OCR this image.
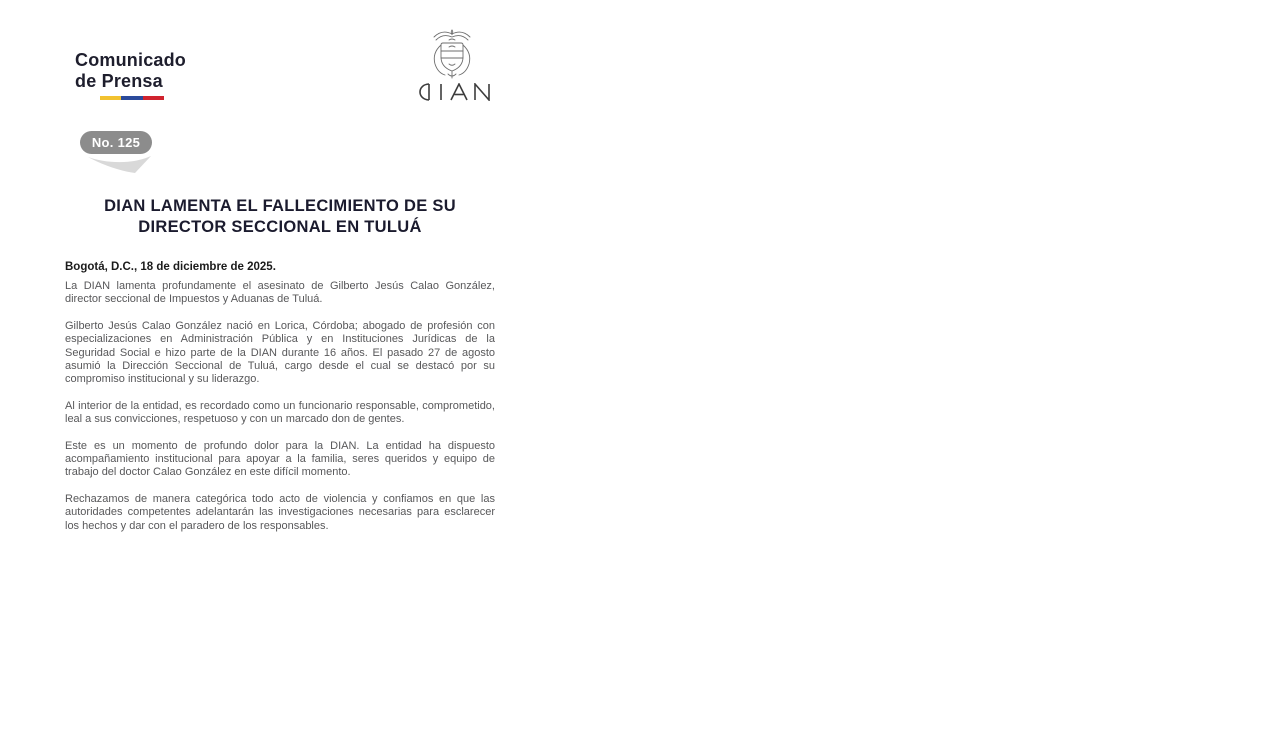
Comunicado
de Prensa
No. 125
DIAN LAMENTA EL FALLECIMIENTO DE SU
DIRECTOR SECCIONAL EN TULUÁ

Bogotá, D.C., 18 de diciembre de 2025.

La DIAN lamenta profundamente el asesinato de Gilberto Jesús Calao González, director seccional de Impuestos y Aduanas de Tuluá.

Gilberto Jesús Calao González nació en Lorica, Córdoba; abogado de profesión con especializaciones en Administración Pública y en Instituciones Jurídicas de la Seguridad Social e hizo parte de la DIAN durante 16 años. El pasado 27 de agosto asumió la Dirección Seccional de Tuluá, cargo desde el cual se destacó por su compromiso institucional y su liderazgo.

Al interior de la entidad, es recordado como un funcionario responsable, comprometido, leal a sus convicciones, respetuoso y con un marcado don de gentes.

Este es un momento de profundo dolor para la DIAN. La entidad ha dispuesto acompañamiento institucional para apoyar a la familia, seres queridos y equipo de trabajo del doctor Calao González en este difícil momento.

Rechazamos de manera categórica todo acto de violencia y confiamos en que las autoridades competentes adelantarán las investigaciones necesarias para esclarecer los hechos y dar con el paradero de los responsables.
